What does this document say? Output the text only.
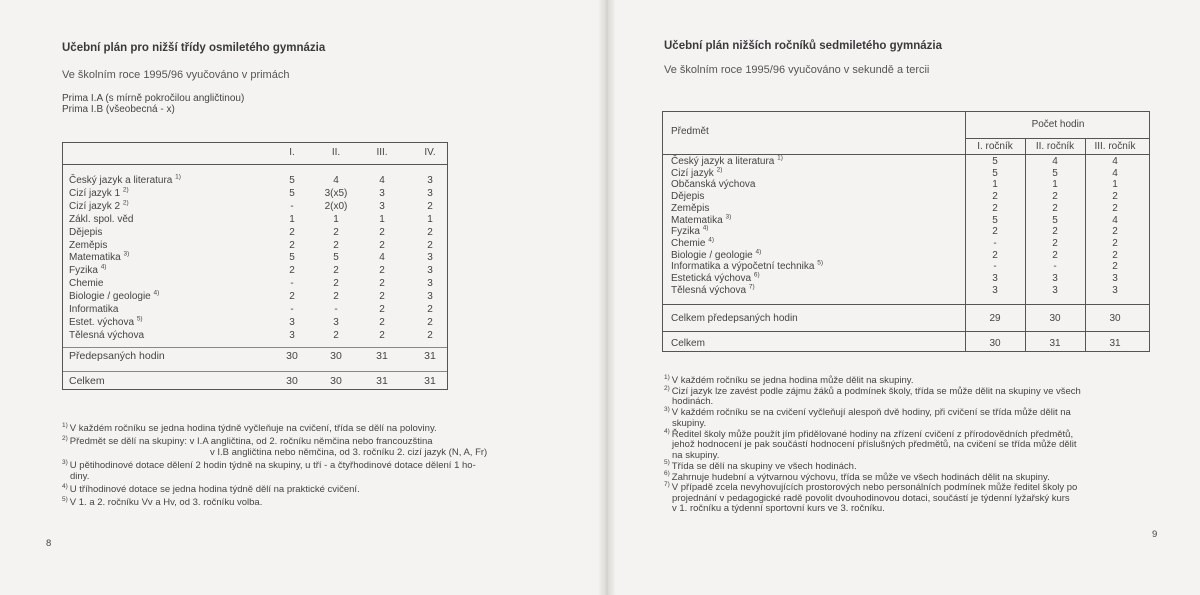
Učební plán pro nižší třídy osmiletého gymnázia
Ve školním roce 1995/96 vyučováno v primách
Prima I.A (s mírně pokročilou angličtinou)
Prima I.B (všeobecná - x)
I.	II.	III.	IV.
Český jazyk a literatura $^{1)}$	5	4	4	3
Cizí jazyk 1 $^{2)}$	5	3(x5)	3	3
Cizí jazyk 2 $^{2)}$	-	2(x0)	3	2
Zákl. spol. věd	1	1	1	1
Dějepis	2	2	2	2
Zeměpis	2	2	2	2
Matematika $^{3)}$	5	5	4	3
Fyzika $^{4)}$	2	2	2	3
Chemie	-	2	2	3
Biologie / geologie $^{4)}$	2	2	2	3
Informatika	-	-	2	2
Estet. výchova $^{5)}$	3	3	2	2
Tělesná výchova	3	2	2	2
Předepsaných hodin	30	30	31	31
Celkem	30	30	31	31
8
$^{1)}$ V každém ročníku se jedna hodina týdně vyčleňuje na cvičení, třída se dělí na poloviny.
$^{2)}$ Předmět se dělí na skupiny: v I.A angličtina, od 2. ročníku němčina nebo francouzština
v I.B angličtina nebo němčina, od 3. ročníku 2. cizí jazyk (N, A, Fr)
$^{3)}$ U pětihodinové dotace dělení 2 hodin týdně na skupiny, u tří - a čtyřhodinové dotace dělení 1 ho-
diny.
$^{4)}$ U tříhodinové dotace se jedna hodina týdně dělí na praktické cvičení.
$^{5)}$ V 1. a 2. ročníku Vv a Hv, od 3. ročníku volba.
Učební plán nižších ročníků sedmiletého gymnázia
Ve školním roce 1995/96 vyučováno v sekundě a tercii
Předmět
Počet hodin
I. ročník	II. ročník	III. ročník
Český jazyk a literatura $^{1)}$	5	4	4
Cizí jazyk $^{2)}$	5	5	4
Občanská výchova	1	1	1
Dějepis	2	2	2
Zeměpis	2	2	2
Matematika $^{3)}$	5	5	4
Fyzika $^{4)}$	2	2	2
Chemie $^{4)}$	-	2	2
Biologie / geologie $^{4)}$	2	2	2
Informatika a výpočetní technika $^{5)}$	-	-	2
Estetická výchova $^{6)}$	3	3	3
Tělesná výchova $^{7)}$	3	3	3
Celkem předepsaných hodin	29	30	30
Celkem	30	31	31
$^{1)}$ V každém ročníku se jedna hodina může dělit na skupiny.
$^{2)}$ Cizí jazyk lze zavést podle zájmu žáků a podmínek školy, třída se může dělit na skupiny ve všech
hodinách.
$^{3)}$ V každém ročníku se na cvičení vyčleňují alespoň dvě hodiny, při cvičení se třída může dělit na
skupiny.
$^{4)}$ Ředitel školy může použít jím přidělované hodiny na zřízení cvičení z přírodovědních předmětů,
jehož hodnocení je pak součástí hodnocení příslušných předmětů, na cvičení se třída může dělit
na skupiny.
$^{5)}$ Třída se dělí na skupiny ve všech hodinách.
$^{6)}$ Zahrnuje hudební a výtvarnou výchovu, třída se může ve všech hodinách dělit na skupiny.
$^{7)}$ V případě zcela nevyhovujících prostorových nebo personálních podmínek může ředitel školy po
projednání v pedagogické radě povolit dvouhodinovou dotaci, součástí je týdenní lyžařský kurs
v 1. ročníku a týdenní sportovní kurs ve 3. ročníku.
9
